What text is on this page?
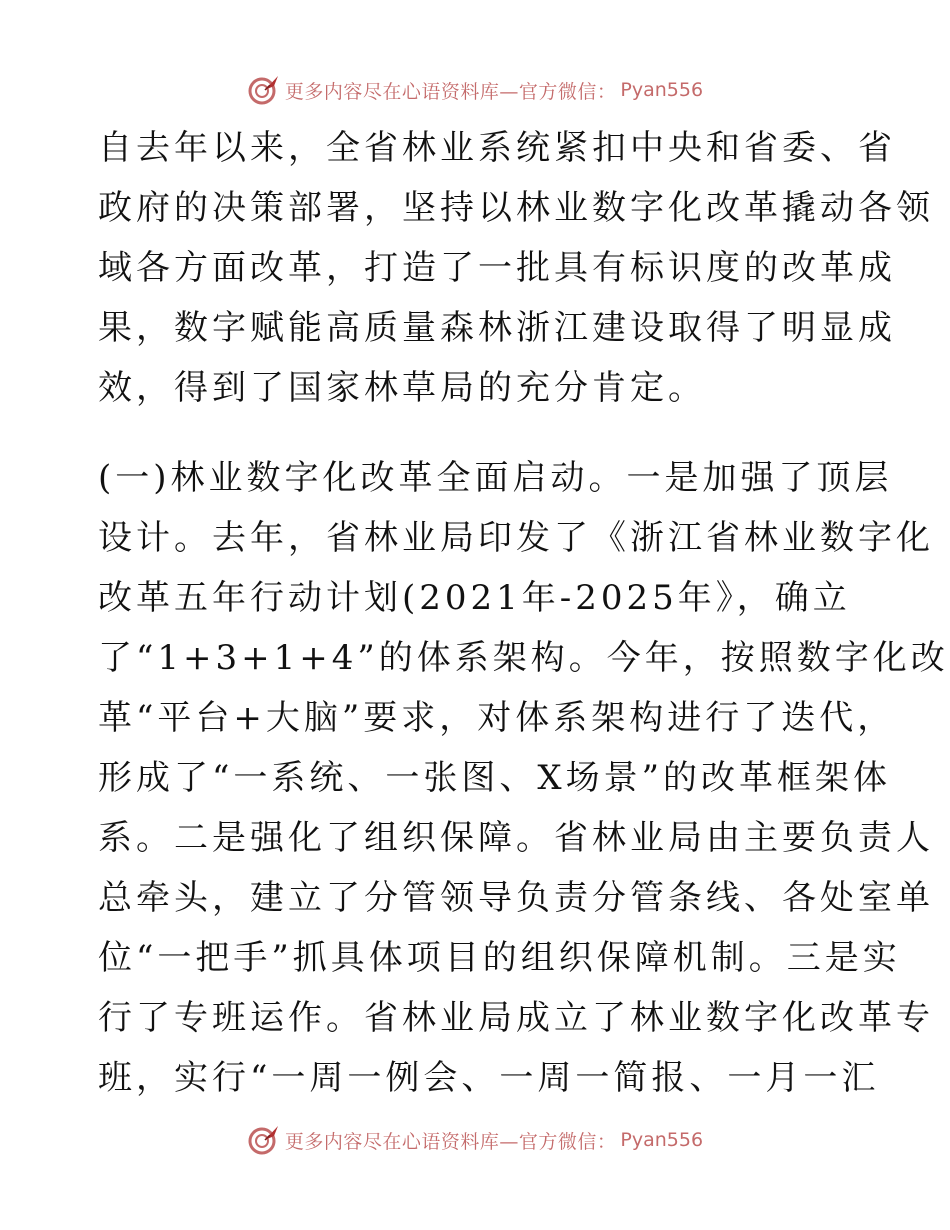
更多内容尽在心语资料库—官方微信： Pyan556
自去年以来，全省林业系统紧扣中央和省委、省
政府的决策部署，坚持以林业数字化改革撬动各领
域各方面改革，打造了一批具有标识度的改革成
果，数字赋能高质量森林浙江建设取得了明显成
效，得到了国家林草局的充分肯定。
(一)林业数字化改革全面启动。一是加强了顶层
设计。去年，省林业局印发了《浙江省林业数字化
改革五年行动计划(2021年-2025年》，确立
了“1+3+1+4”的体系架构。今年，按照数字化改
革“平台+大脑”要求，对体系架构进行了迭代，
形成了“一系统、一张图、X场景”的改革框架体
系。二是强化了组织保障。省林业局由主要负责人
总牵头，建立了分管领导负责分管条线、各处室单
位“一把手”抓具体项目的组织保障机制。三是实
行了专班运作。省林业局成立了林业数字化改革专
班，实行“一周一例会、一周一简报、一月一汇
更多内容尽在心语资料库—官方微信： Pyan556
